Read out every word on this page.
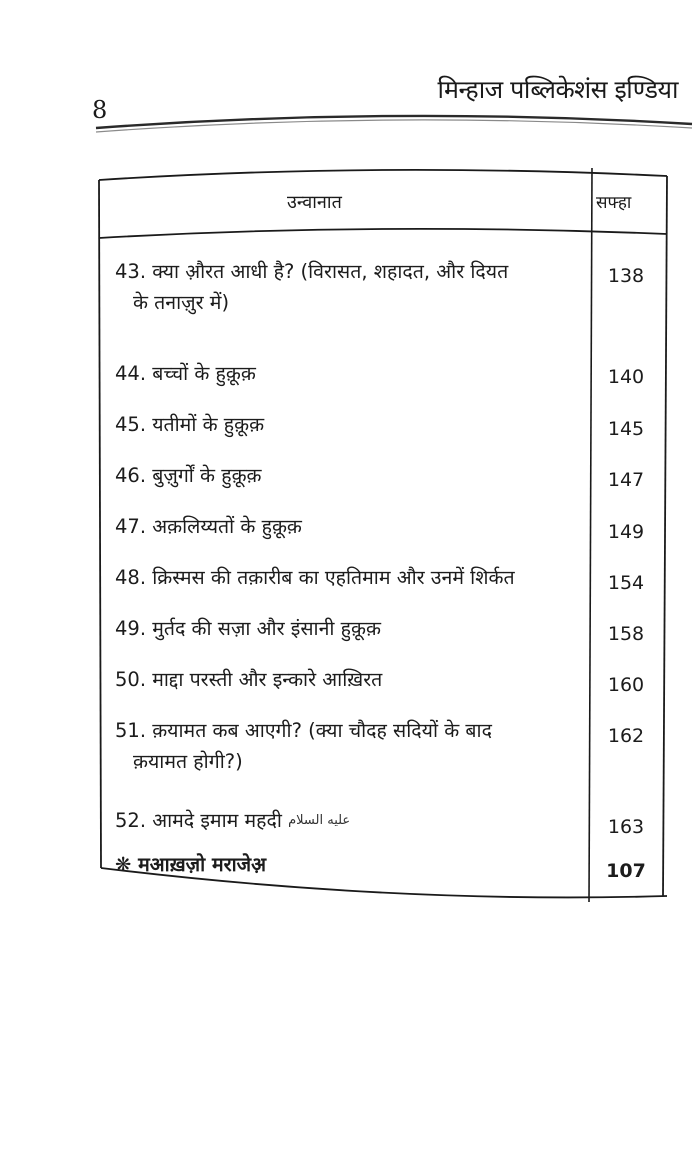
8
मिन्हाज पब्लिकेशंस इण्डिया
उन्वानात	सफ्हा
43. क्या औ़रत आधी है? (विरासत, शहादत, और दियत
के तनाज़ुर में)
138
44. बच्चों के हुक़ूक़	140
45. यतीमों के हुक़ूक़	145
46. बुज़ुर्गों के हुक़ूक़	147
47. अक़लिय्यतों के हुक़ूक़	149
48. क्रिस्मस की तक़ारीब का एहतिमाम और उनमें शिर्कत	154
49. मुर्तद की सज़ा और इंसानी हुक़ूक़	158
50. माद्दा परस्ती और इन्कारे आख़िरत	160
51. क़यामत कब आएगी? (क्या चौदह सदियों के बाद
क़यामत होगी?)
162
52. आमदे इमाम महदी عليه السلام	163
❋ मआख़ज़ो मराजेअ़	107
